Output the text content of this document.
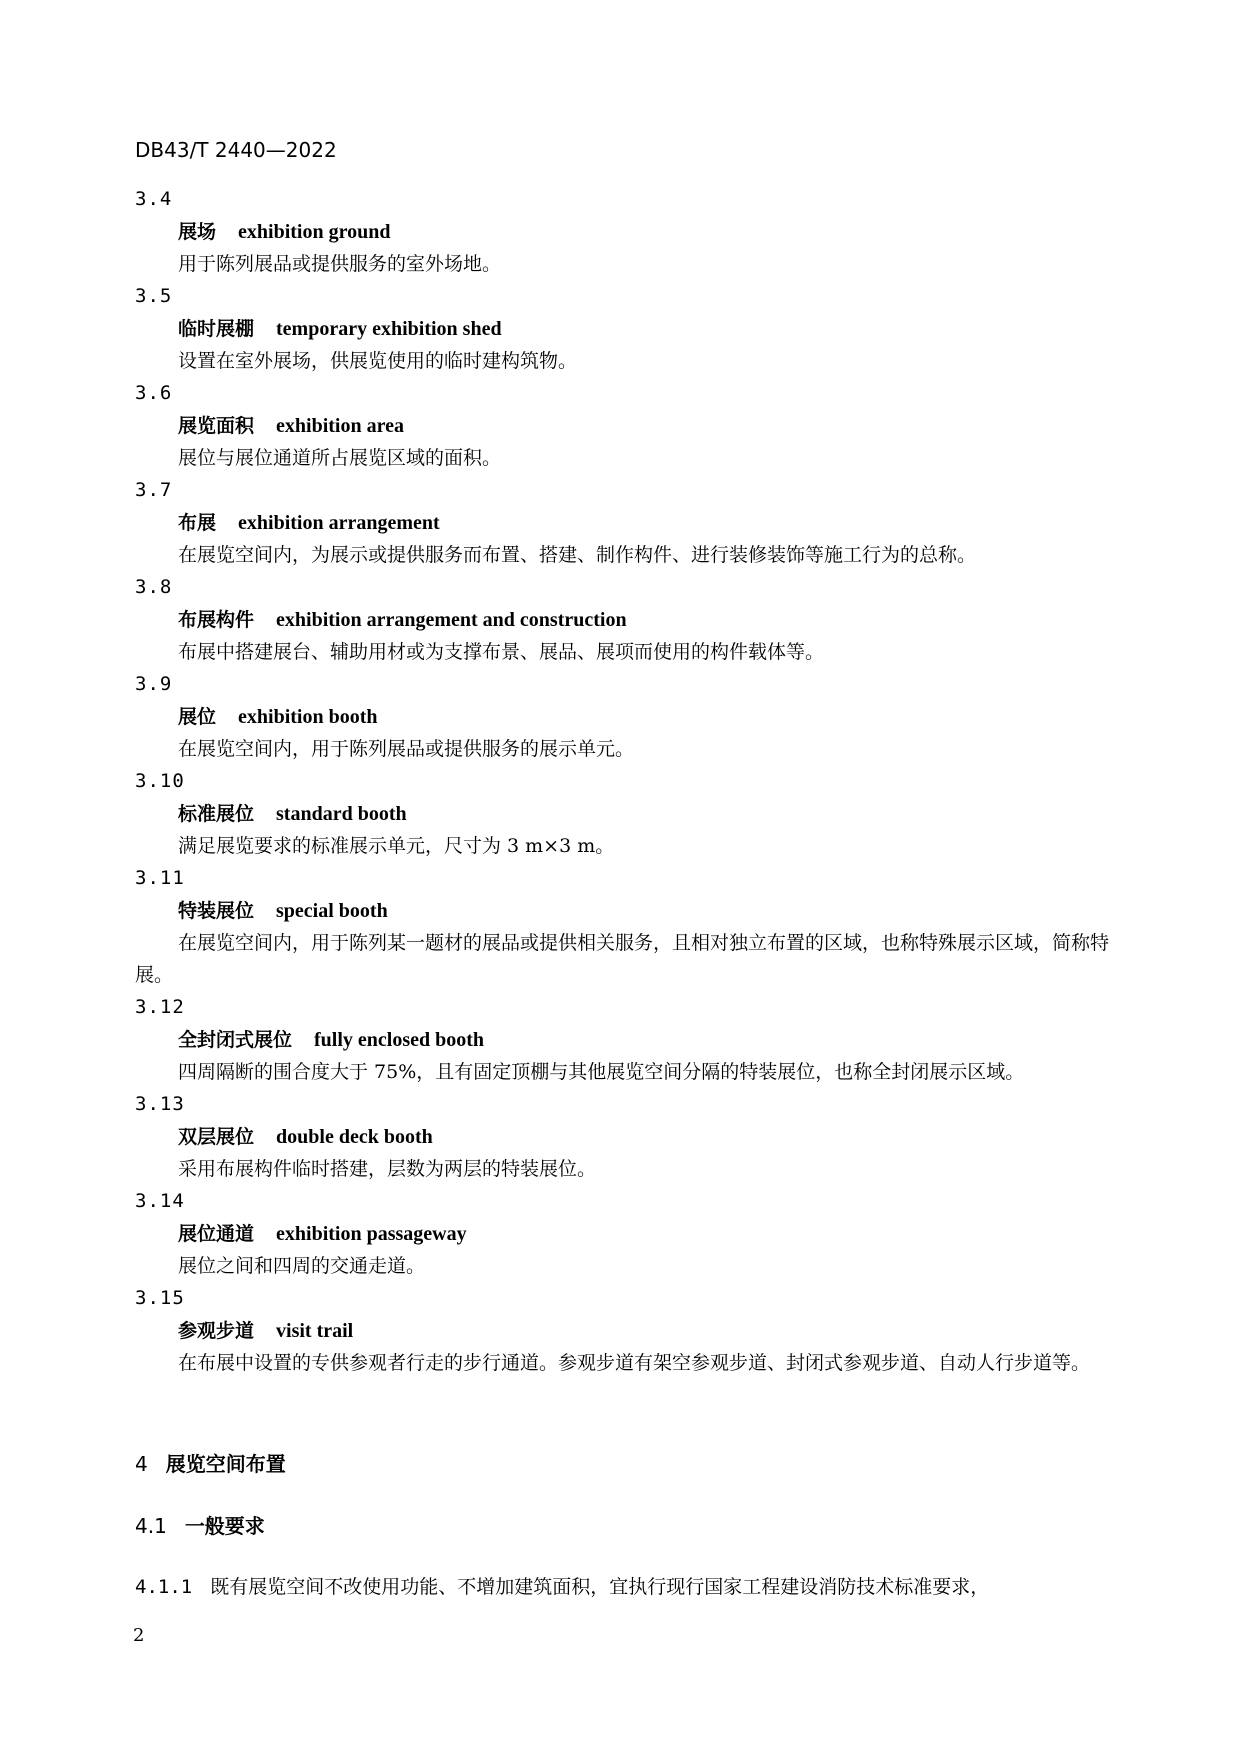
DB43/T 2440—2022
3.4
展场 exhibition ground
用于陈列展品或提供服务的室外场地。
3.5
临时展棚 temporary exhibition shed
设置在室外展场，供展览使用的临时建构筑物。
3.6
展览面积 exhibition area
展位与展位通道所占展览区域的面积。
3.7
布展 exhibition arrangement
在展览空间内，为展示或提供服务而布置、搭建、制作构件、进行装修装饰等施工行为的总称。
3.8
布展构件 exhibition arrangement and construction
布展中搭建展台、辅助用材或为支撑布景、展品、展项而使用的构件载体等。
3.9
展位 exhibition booth
在展览空间内，用于陈列展品或提供服务的展示单元。
3.10
标准展位 standard booth
满足展览要求的标准展示单元，尺寸为 3 m×3 m。
3.11
特装展位 special booth
在展览空间内，用于陈列某一题材的展品或提供相关服务，且相对独立布置的区域，也称特殊展示区域，简称特展。
3.12
全封闭式展位 fully enclosed booth
四周隔断的围合度大于 75%，且有固定顶棚与其他展览空间分隔的特装展位，也称全封闭展示区域。
3.13
双层展位 double deck booth
采用布展构件临时搭建，层数为两层的特装展位。
3.14
展位通道 exhibition passageway
展位之间和四周的交通走道。
3.15
参观步道 visit trail
在布展中设置的专供参观者行走的步行通道。参观步道有架空参观步道、封闭式参观步道、自动人行步道等。
4 展览空间布置
4.1 一般要求
4.1.1 既有展览空间不改使用功能、不增加建筑面积，宜执行现行国家工程建设消防技术标准要求，
2
